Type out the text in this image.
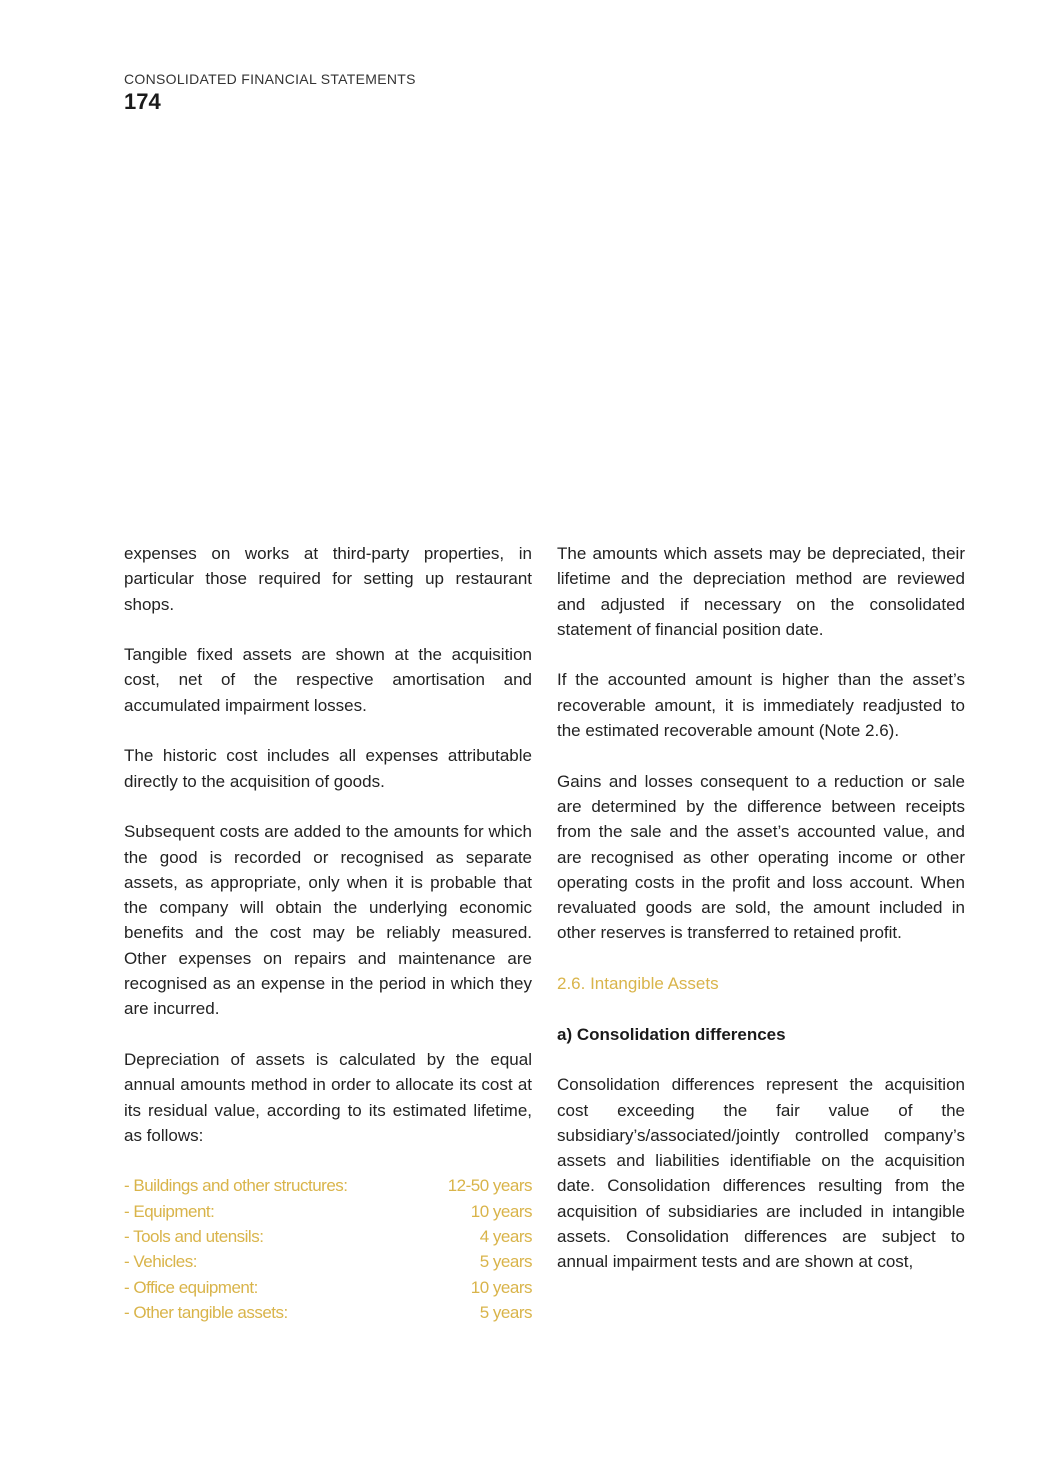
CONSOLIDATED FINANCIAL STATEMENTS
174

expenses on works at third-party properties, in particular those required for setting up restaurant shops.

Tangible fixed assets are shown at the acquisition cost, net of the respective amortisation and accumulated impairment losses.

The historic cost includes all expenses attributable directly to the acquisition of goods.

Subsequent costs are added to the amounts for which the good is recorded or recognised as separate assets, as appropriate, only when it is probable that the company will obtain the underlying economic benefits and the cost may be reliably measured. Other expenses on repairs and maintenance are recognised as an expense in the period in which they are incurred.

Depreciation of assets is calculated by the equal annual amounts method in order to allocate its cost at its residual value, according to its estimated lifetime, as follows:

- Buildings and other structures:	12-50 years
- Equipment:	10 years
- Tools and utensils:	4 years
- Vehicles:	5 years
- Office equipment:	10 years
- Other tangible assets:	5 years

The amounts which assets may be depreciated, their lifetime and the depreciation method are reviewed and adjusted if necessary on the consolidated statement of financial position date.

If the accounted amount is higher than the asset’s recoverable amount, it is immediately readjusted to the estimated recoverable amount (Note 2.6).

Gains and losses consequent to a reduction or sale are determined by the difference between receipts from the sale and the asset’s accounted value, and are recognised as other operating income or other operating costs in the profit and loss account. When revaluated goods are sold, the amount included in other reserves is transferred to retained profit.

2.6. Intangible Assets
a) Consolidation differences

Consolidation differences represent the acquisition cost exceeding the fair value of the subsidiary’s/associated/jointly controlled company’s assets and liabilities identifiable on the acquisition date. Consolidation differences resulting from the acquisition of subsidiaries are included in intangible assets. Consolidation differences are subject to annual impairment tests and are shown at cost,
